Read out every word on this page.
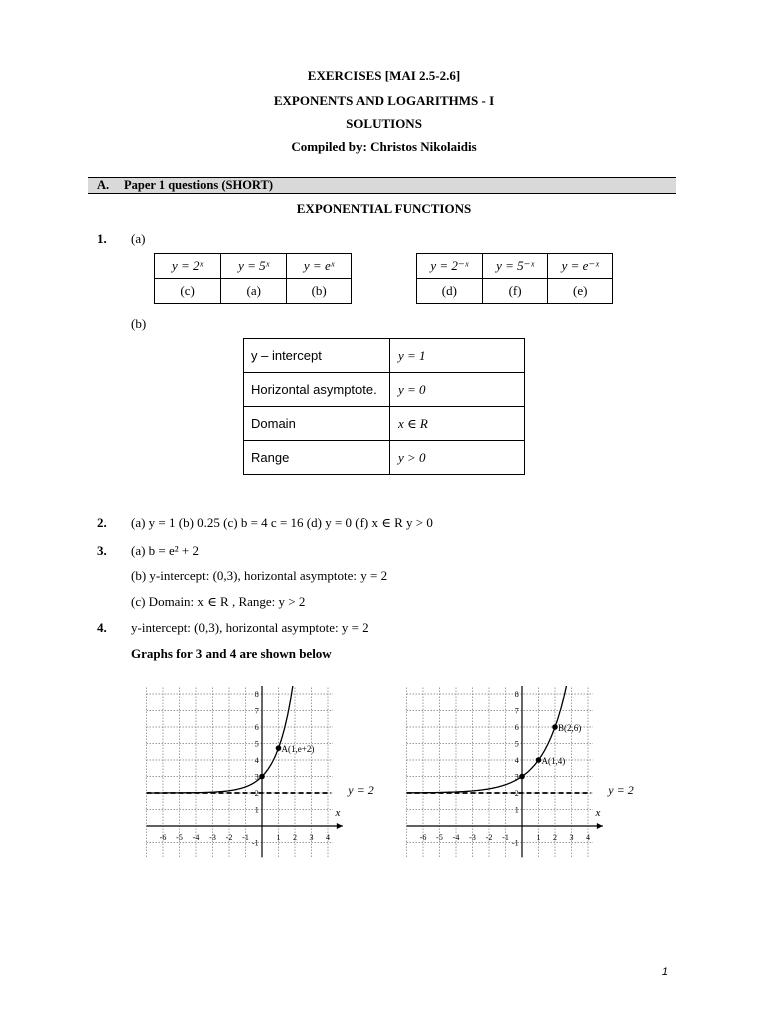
EXERCISES [MAI 2.5-2.6]
EXPONENTS AND LOGARITHMS - I
SOLUTIONS
Compiled by: Christos Nikolaidis
A. Paper 1 questions (SHORT)
EXPONENTIAL FUNCTIONS
1. (a)
y = 2ˣ	y = 5ˣ	y = eˣ
(c)	(a)	(b)
y = 2⁻ˣ	y = 5⁻ˣ	y = e⁻ˣ
(d)	(f)	(e)
(b)
y – intercept	y = 1
Horizontal asymptote.	y = 0
Domain	x ∈ R
Range	y > 0
2. (a) y = 1 (b) 0.25 (c) b = 4 c = 16 (d) y = 0 (f) x ∈ R y > 0
3. (a) b = e² + 2
(b) y-intercept: (0,3), horizontal asymptote: y = 2
(c) Domain: x ∈ R , Range: y > 2
4. y-intercept: (0,3), horizontal asymptote: y = 2
Graphs for 3 and 4 are shown below
x
-6 -5 -4 -3 -2 -1	1 2 3 4
-1
1
2
3
4
5
6
7
8
y = 2
A(1,e+2)
x
-6 -5 -4 -3 -2 -1	1 2 3 4
-1
1
2
3
4
5
6
7
8
y = 2
A(1,4)
B(2,6)
1
